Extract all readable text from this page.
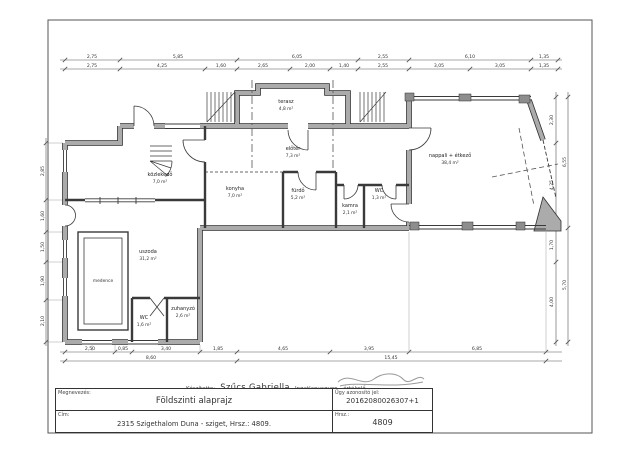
2,75	5,85	6,05	2,55	6,10	1,35
2,75	4,25	1,60	2,65	2,00	1,40	2,55	3,05	3,05	1,35
2,50	0,85	3,40	1,85	4,65	3,95	6,85
8,60	15,45
2,30
4,25
1,70
4,00
6,55
5,70
2,85
1,60
1,50
1,90
2,10
terasz
4,8 m²
előtér
7,3 m²
közlekedő
7,0 m²
konyha
7,0 m²
fürdő
5,2 m²
kamra
2,1 m²
WC
1,3 m²
nappali + étkező
38,4 m²
uszoda
31,2 m²
medence
WC
1,6 m²
zuhanyzó
2,6 m²
Megnevezés:
Földszinti alaprajz
Ügy azonosító jel:
20162080026307+1
Cím:
2315 Szigethalom Duna - sziget, Hrsz.: 4809.
Hrsz.:
4809
